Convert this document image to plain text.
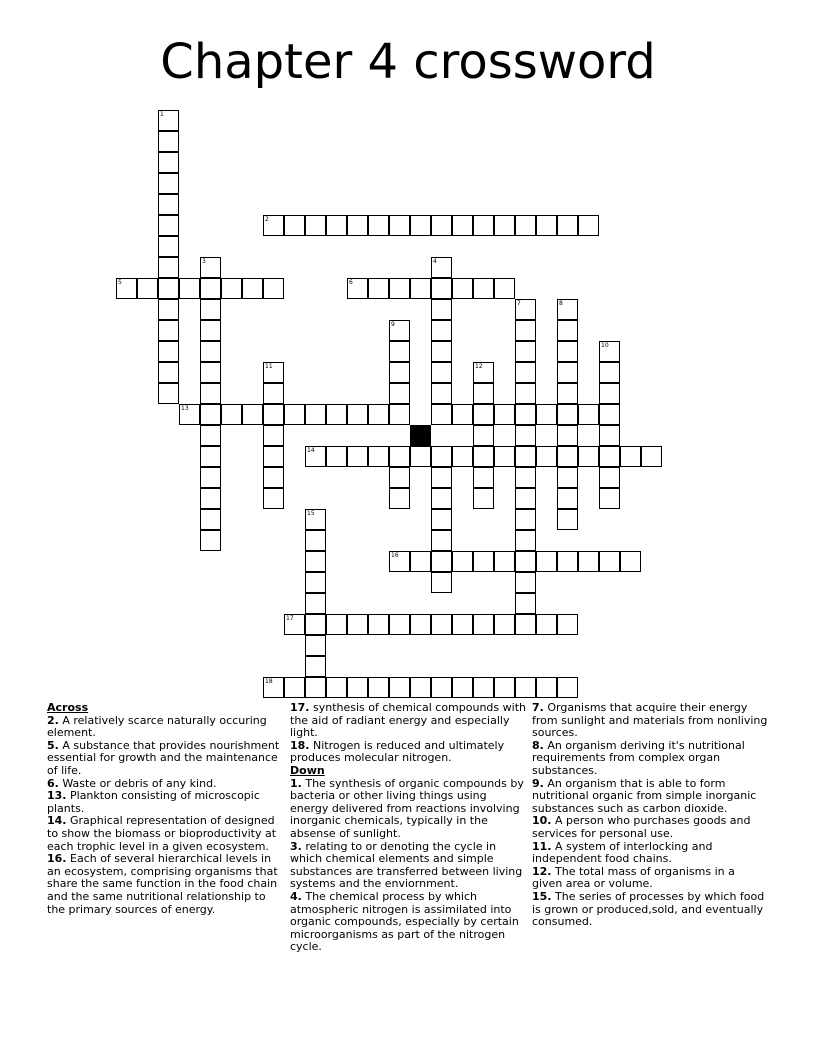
Chapter 4 crossword
1
2
3	4
5	6
7	8
9
10
11	12
13
14
15
16
17
18
Across
2. A relatively scarce naturally occuring element.
5. A substance that provides nourishment essential for growth and the maintenance of life.
6. Waste or debris of any kind.
13. Plankton consisting of microscopic plants.
14. Graphical representation of designed to show the biomass or bioproductivity at each trophic level in a given ecosystem.
16. Each of several hierarchical levels in an ecosystem, comprising organisms that share the same function in the food chain and the same nutritional relationship to the primary sources of energy.
17. synthesis of chemical compounds with the aid of radiant energy and especially light.
18. Nitrogen is reduced and ultimately produces molecular nitrogen.
Down
1. The synthesis of organic compounds by bacteria or other living things using energy delivered from reactions involving inorganic chemicals, typically in the absense of sunlight.
3. relating to or denoting the cycle in which chemical elements and simple substances are transferred between living systems and the enviornment.
4. The chemical process by which atmospheric nitrogen is assimilated into organic compounds, especially by certain microorganisms as part of the nitrogen cycle.
7. Organisms that acquire their energy from sunlight and materials from nonliving sources.
8. An organism deriving it's nutritional requirements from complex organ substances.
9. An organism that is able to form nutritional organic from simple inorganic substances such as carbon dioxide.
10. A person who purchases goods and services for personal use.
11. A system of interlocking and independent food chains.
12. The total mass of organisms in a given area or volume.
15. The series of processes by which food is grown or produced,sold, and eventually consumed.
